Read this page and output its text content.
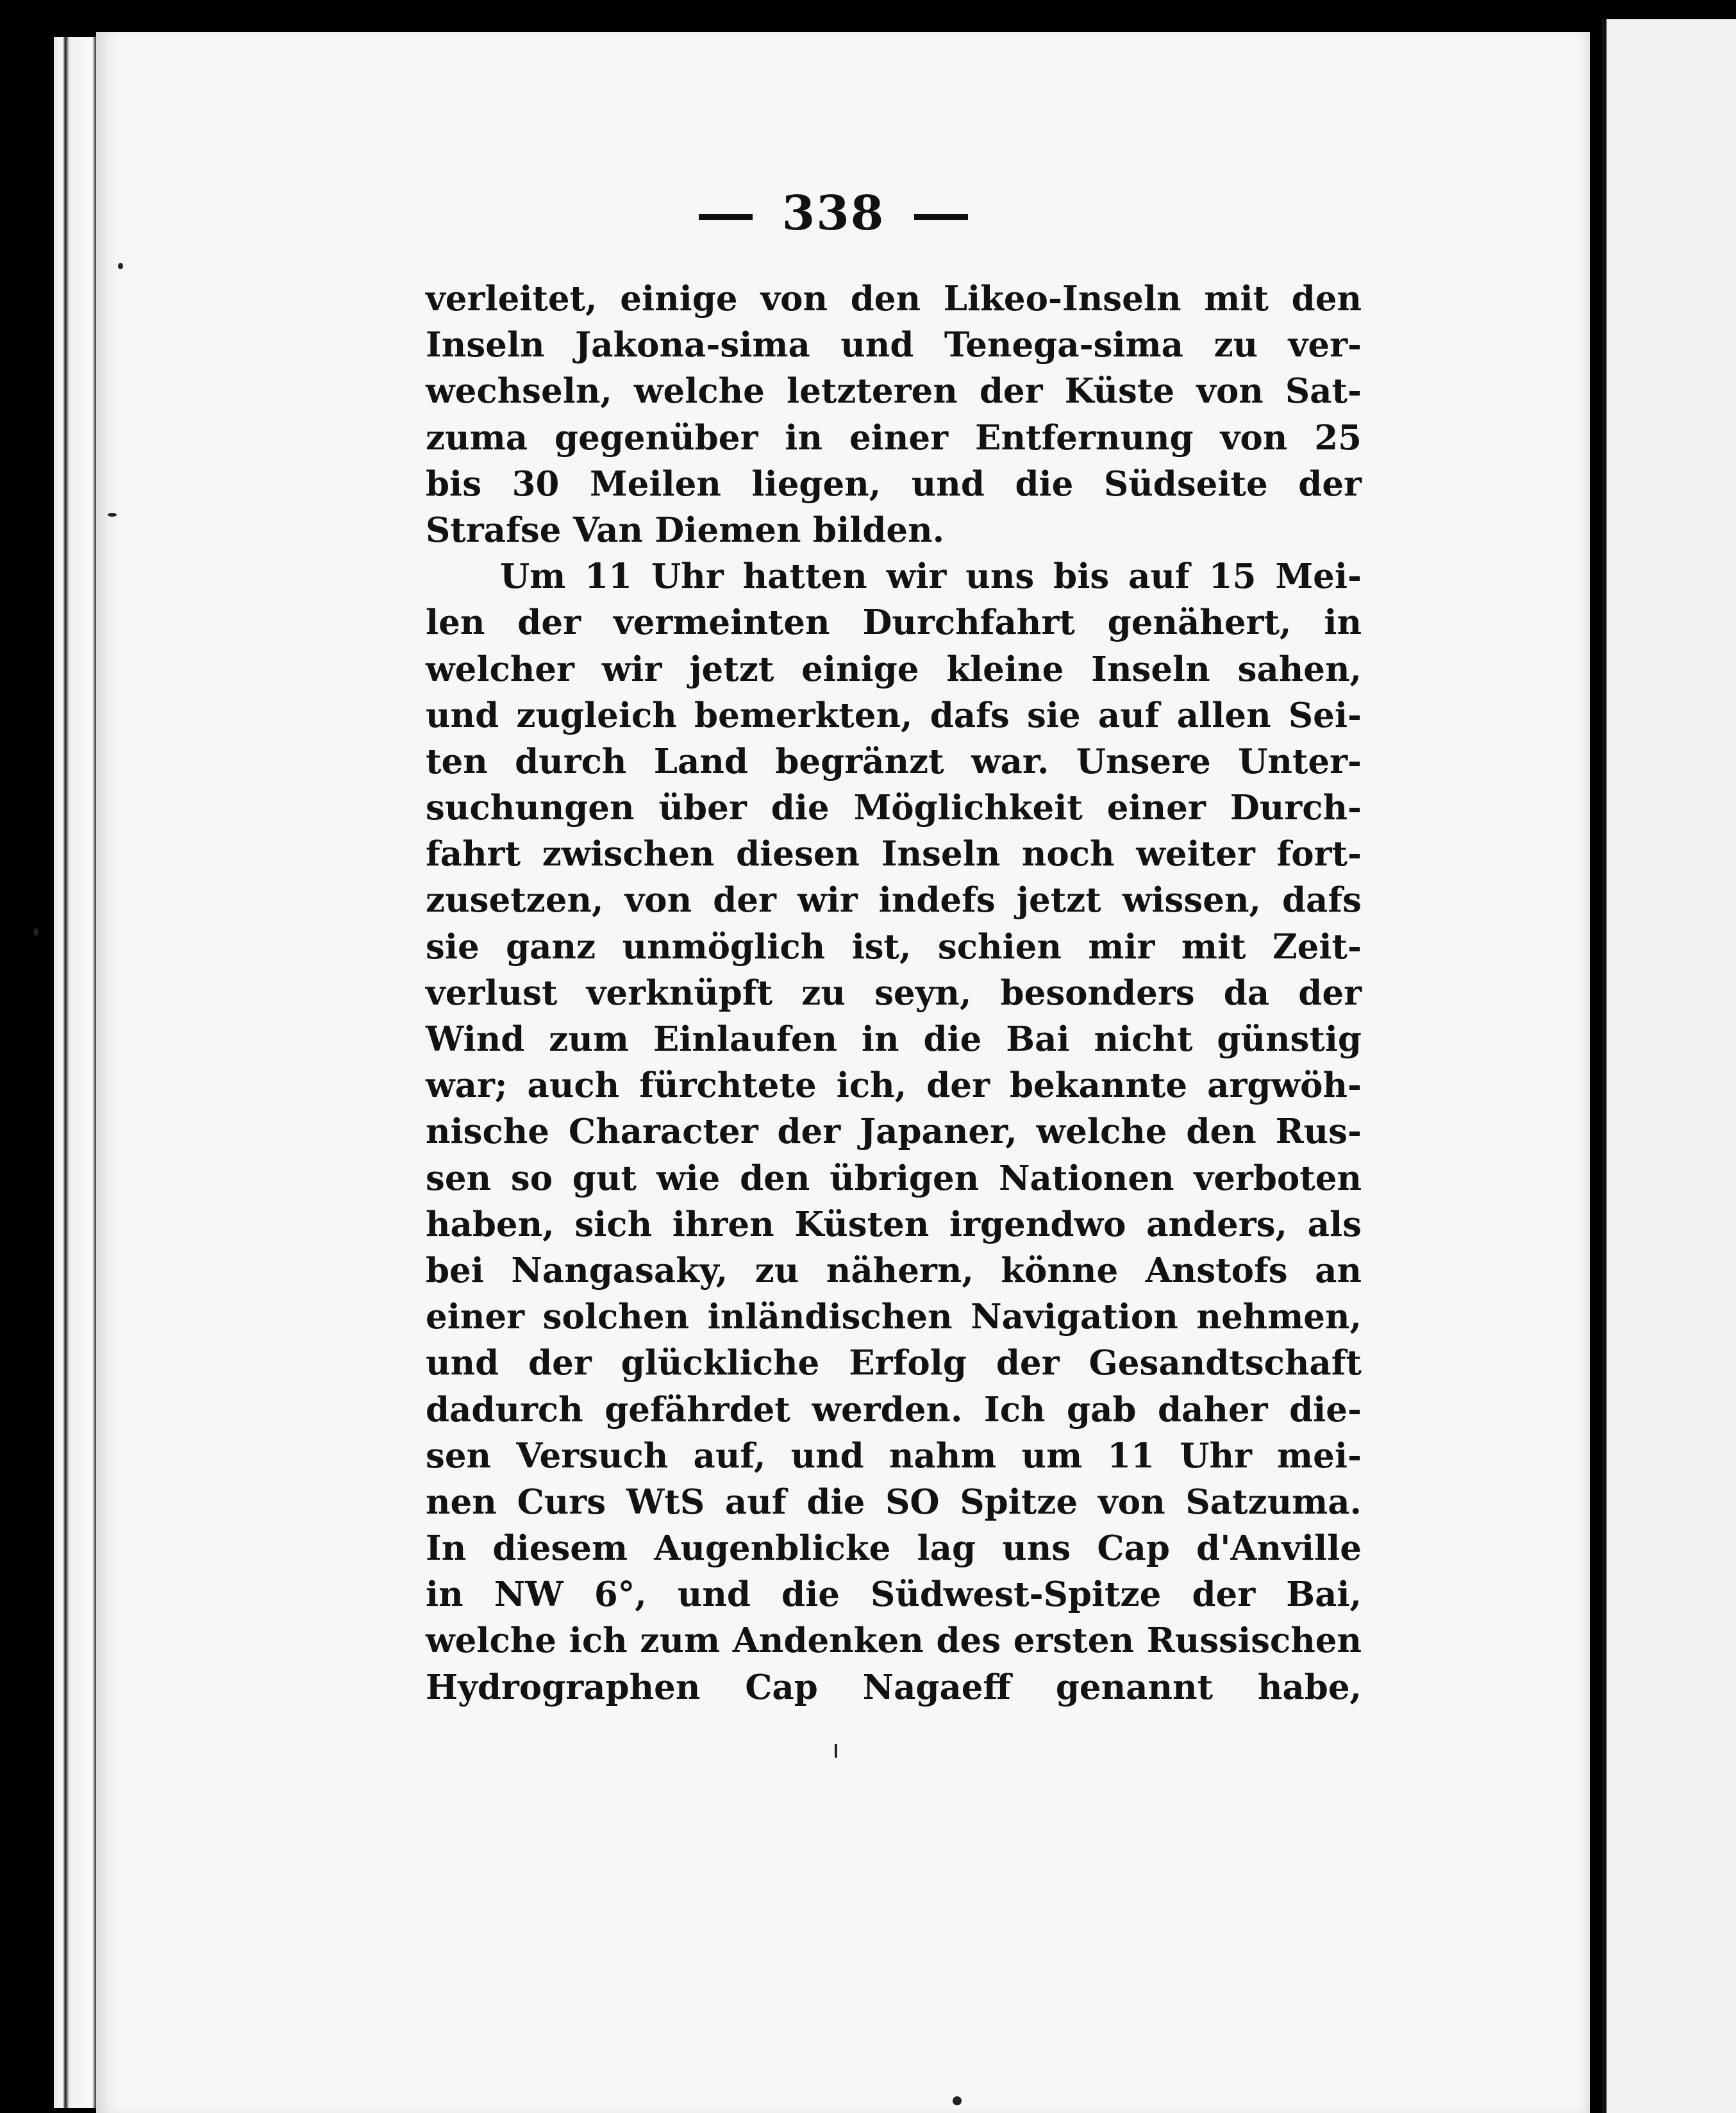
338
verleitet, einige von den Likeo-Inseln mit den
Inseln Jakona-sima und Tenega-sima zu ver-
wechseln, welche letzteren der Küste von Sat-
zuma gegenüber in einer Entfernung von 25
bis 30 Meilen liegen, und die Südseite der
Strafse Van Diemen bilden.
Um 11 Uhr hatten wir uns bis auf 15 Mei-
len der vermeinten Durchfahrt genähert, in
welcher wir jetzt einige kleine Inseln sahen,
und zugleich bemerkten, dafs sie auf allen Sei-
ten durch Land begränzt war. Unsere Unter-
suchungen über die Möglichkeit einer Durch-
fahrt zwischen diesen Inseln noch weiter fort-
zusetzen, von der wir indefs jetzt wissen, dafs
sie ganz unmöglich ist, schien mir mit Zeit-
verlust verknüpft zu seyn, besonders da der
Wind zum Einlaufen in die Bai nicht günstig
war; auch fürchtete ich, der bekannte argwöh-
nische Character der Japaner, welche den Rus-
sen so gut wie den übrigen Nationen verboten
haben, sich ihren Küsten irgendwo anders, als
bei Nangasaky, zu nähern, könne Anstofs an
einer solchen inländischen Navigation nehmen,
und der glückliche Erfolg der Gesandtschaft
dadurch gefährdet werden. Ich gab daher die-
sen Versuch auf, und nahm um 11 Uhr mei-
nen Curs WtS auf die SO Spitze von Satzuma.
In diesem Augenblicke lag uns Cap d'Anville
in NW 6°, und die Südwest-Spitze der Bai,
welche ich zum Andenken des ersten Russischen
Hydrographen Cap Nagaeff genannt habe,
